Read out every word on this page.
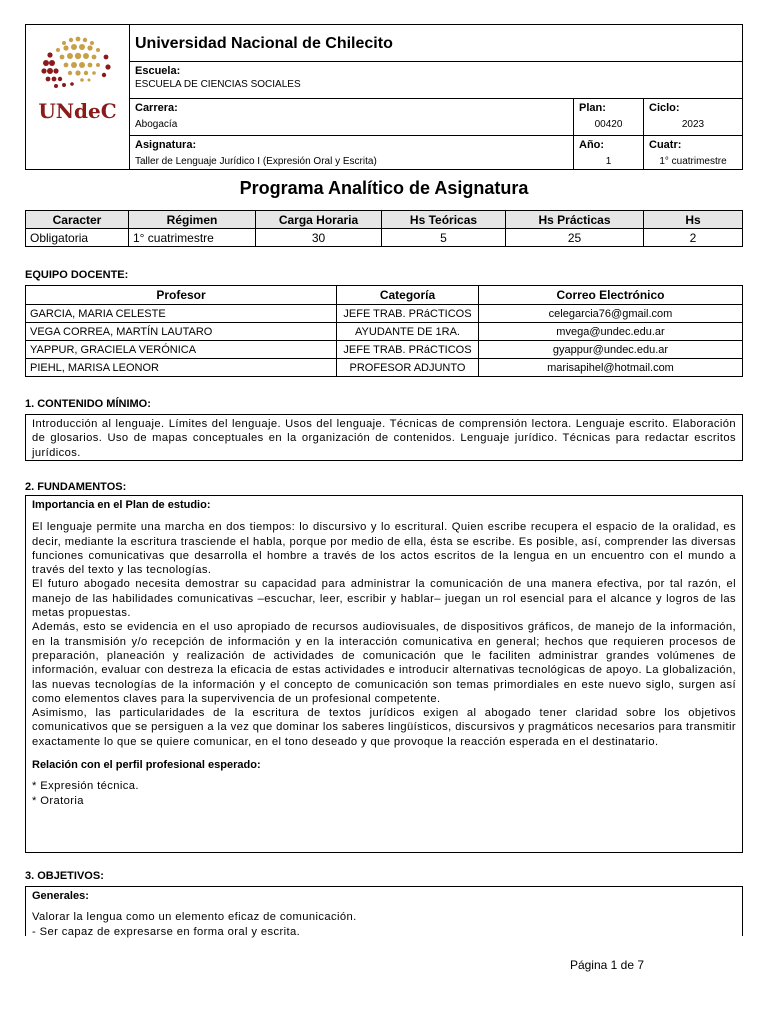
UNdeC
Universidad Nacional de Chilecito
Escuela:
ESCUELA DE CIENCIAS SOCIALES
Carrera:
Abogacía
Plan:
00420
Ciclo:
2023
Asignatura:
Taller de Lenguaje Jurídico I (Expresión Oral y Escrita)
Año:
1
Cuatr:
1° cuatrimestre
Programa Analítico de Asignatura
Caracter	Régimen	Carga Horaria	Hs Teóricas	Hs Prácticas	Hs
Obligatoria	1° cuatrimestre	30	5	25	2
EQUIPO DOCENTE:
Profesor	Categoría	Correo Electrónico
GARCIA, MARIA CELESTE	JEFE TRAB. PRáCTICOS	celegarcia76@gmail.com
VEGA CORREA, MARTÍN LAUTARO	AYUDANTE DE 1RA.	mvega@undec.edu.ar
YAPPUR, GRACIELA VERÓNICA	JEFE TRAB. PRáCTICOS	gyappur@undec.edu.ar
PIEHL, MARISA LEONOR	PROFESOR ADJUNTO	marisapihel@hotmail.com
1. CONTENIDO MÍNIMO:

Introducción al lenguaje. Límites del lenguaje. Usos del lenguaje. Técnicas de comprensión lectora. Lenguaje escrito. Elaboración de glosarios. Uso de mapas conceptuales en la organización de contenidos. Lenguaje jurídico. Técnicas para redactar escritos jurídicos.

2. FUNDAMENTOS:

Importancia en el Plan de estudio:

El lenguaje permite una marcha en dos tiempos: lo discursivo y lo escritural. Quien escribe recupera el espacio de la oralidad, es decir, mediante la escritura trasciende el habla, porque por medio de ella, ésta se escribe. Es posible, así, comprender las diversas funciones comunicativas que desarrolla el hombre a través de los actos escritos de la lengua en un encuentro con el mundo a través del texto y las tecnologías.

El futuro abogado necesita demostrar su capacidad para administrar la comunicación de una manera efectiva, por tal razón, el manejo de las habilidades comunicativas –escuchar, leer, escribir y hablar– juegan un rol esencial para el alcance y logros de las metas propuestas.

Además, esto se evidencia en el uso apropiado de recursos audiovisuales, de dispositivos gráficos, de manejo de la información, en la transmisión y/o recepción de información y en la interacción comunicativa en general; hechos que requieren procesos de preparación, planeación y realización de actividades de comunicación que le faciliten administrar grandes volúmenes de información, evaluar con destreza la eficacia de estas actividades e introducir alternativas tecnológicas de apoyo. La globalización, las nuevas tecnologías de la información y el concepto de comunicación son temas primordiales en este nuevo siglo, surgen así como elementos claves para la supervivencia de un profesional competente.

Asimismo, las particularidades de la escritura de textos jurídicos exigen al abogado tener claridad sobre los objetivos comunicativos que se persiguen a la vez que dominar los saberes lingüísticos, discursivos y pragmáticos necesarios para transmitir exactamente lo que se quiere comunicar, en el tono deseado y que provoque la reacción esperada en el destinatario.

Relación con el perfil profesional esperado:

* Expresión técnica.

* Oratoria

3. OBJETIVOS:

Generales:

Valorar la lengua como un elemento eficaz de comunicación.

- Ser capaz de expresarse en forma oral y escrita.

Página 1 de 7
